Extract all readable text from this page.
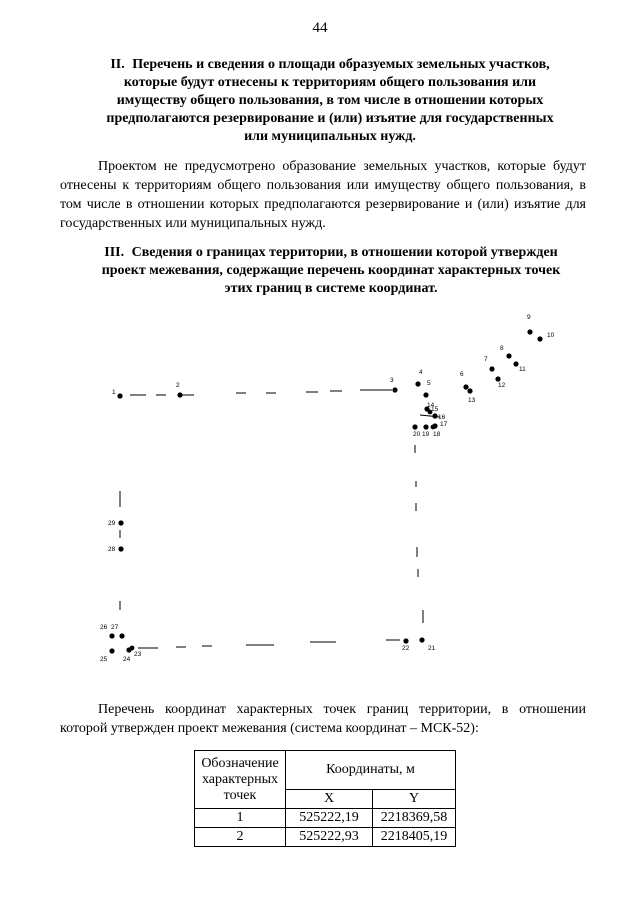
44
II. Перечень и сведения о площади образуемых земельных участков,
которые будут отнесены к территориям общего пользования или
имуществу общего пользования, в том числе в отношении которых
предполагаются резервирование и (или) изъятие для государственных
или муниципальных нужд.
Проектом не предусмотрено образование земельных участков, которые будут отнесены к территориям общего пользования или имуществу общего пользования, в том числе в отношении которых предполагаются резервирование и (или) изъятие для государственных или муниципальных нужд.
III. Сведения о границах территории, в отношении которой утвержден
проект межевания, содержащие перечень координат характерных точек
этих границ в системе координат.
1
2
3
4
5
6
7
8
9
10
11
12
13
14
15
16
17
18
19
20
21
22
23
24
25
26 27
28
29
Перечень координат характерных точек границ территории, в отношении которой утвержден проект межевания (система координат – МСК-52):
Обозначение характерных точек	Координаты, м	
	X	Y
1	525222,19	2218369,58
2	525222,93	2218405,19
